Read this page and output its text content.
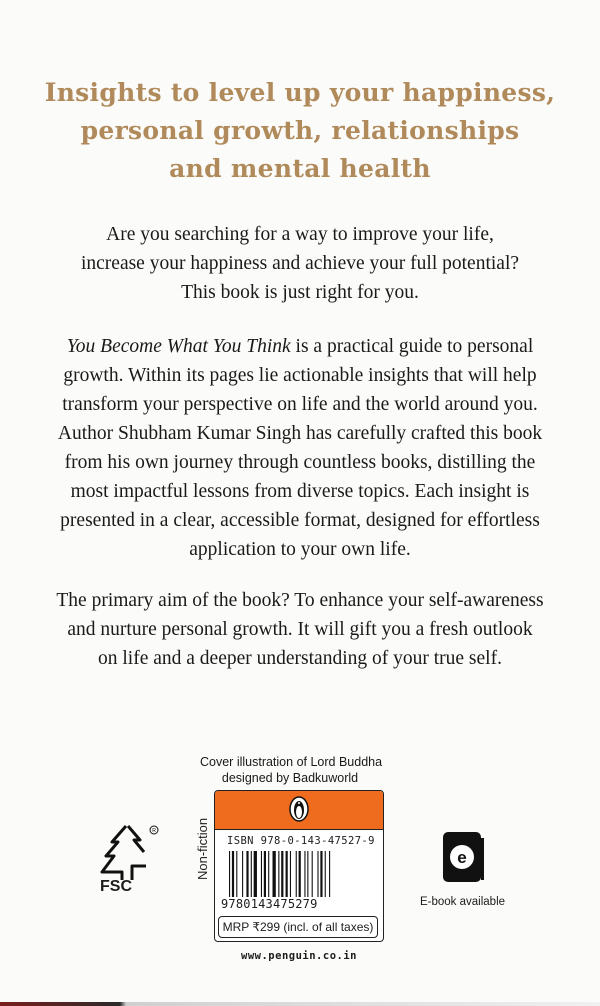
Insights to level up your happiness,
personal growth, relationships
and mental health
Are you searching for a way to improve your life,
increase your happiness and achieve your full potential?
This book is just right for you.
You Become What You Think is a practical guide to personal
growth. Within its pages lie actionable insights that will help
transform your perspective on life and the world around you.
Author Shubham Kumar Singh has carefully crafted this book
from his own journey through countless books, distilling the
most impactful lessons from diverse topics. Each insight is
presented in a clear, accessible format, designed for effortless
application to your own life.
The primary aim of the book? To enhance your self-awareness
and nurture personal growth. It will gift you a fresh outlook
on life and a deeper understanding of your true self.
R
FSC
Non-fiction
Cover illustration of Lord Buddha
designed by Badkuworld
ISBN 978-0-143-47527-9
9780143475279
MRP ₹299 (incl. of all taxes)
www.penguin.co.in
e
E-book available
